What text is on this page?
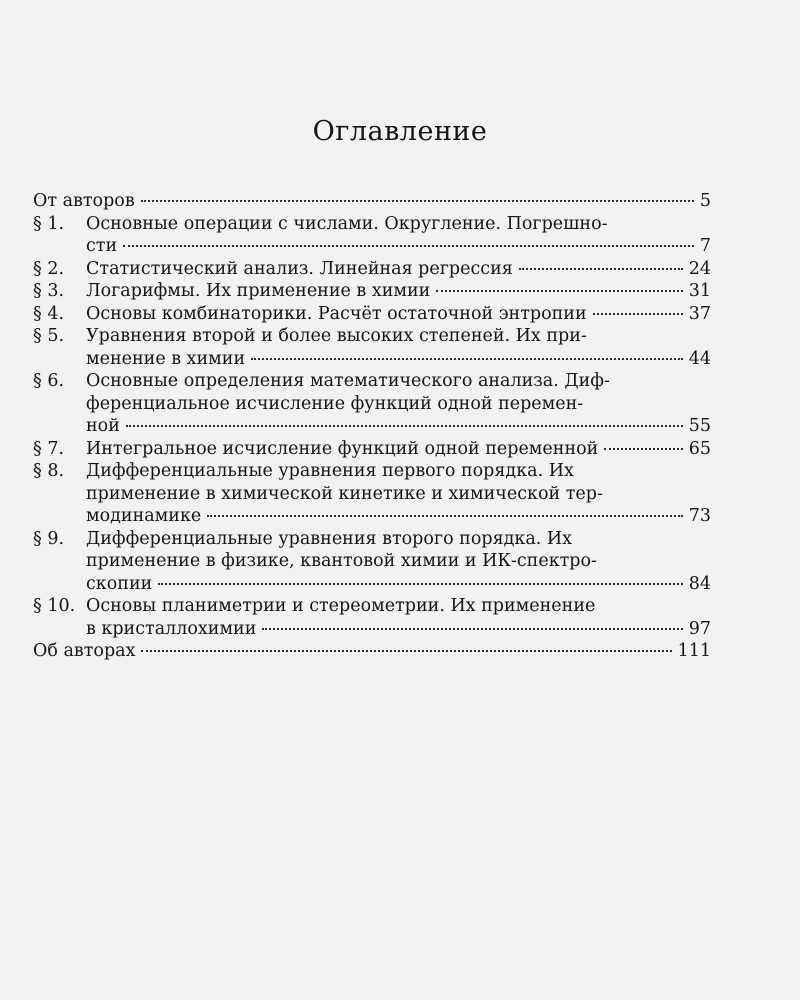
Оглавление
От авторов	5
§ 1. Основные операции с числами. Округление. Погрешно-
сти	7
§ 2. Статистический анализ. Линейная регрессия	24
§ 3. Логарифмы. Их применение в химии	31
§ 4. Основы комбинаторики. Расчёт остаточной энтропии	37
§ 5. Уравнения второй и более высоких степеней. Их при-
менение в химии	44
§ 6. Основные определения математического анализа. Диф-
ференциальное исчисление функций одной перемен-
ной	55
§ 7. Интегральное исчисление функций одной переменной	65
§ 8. Дифференциальные уравнения первого порядка. Их
применение в химической кинетике и химической тер-
модинамике	73
§ 9. Дифференциальные уравнения второго порядка. Их
применение в физике, квантовой химии и ИК-спектро-
скопии	84
§ 10. Основы планиметрии и стереометрии. Их применение
в кристаллохимии	97
Об авторах	111
